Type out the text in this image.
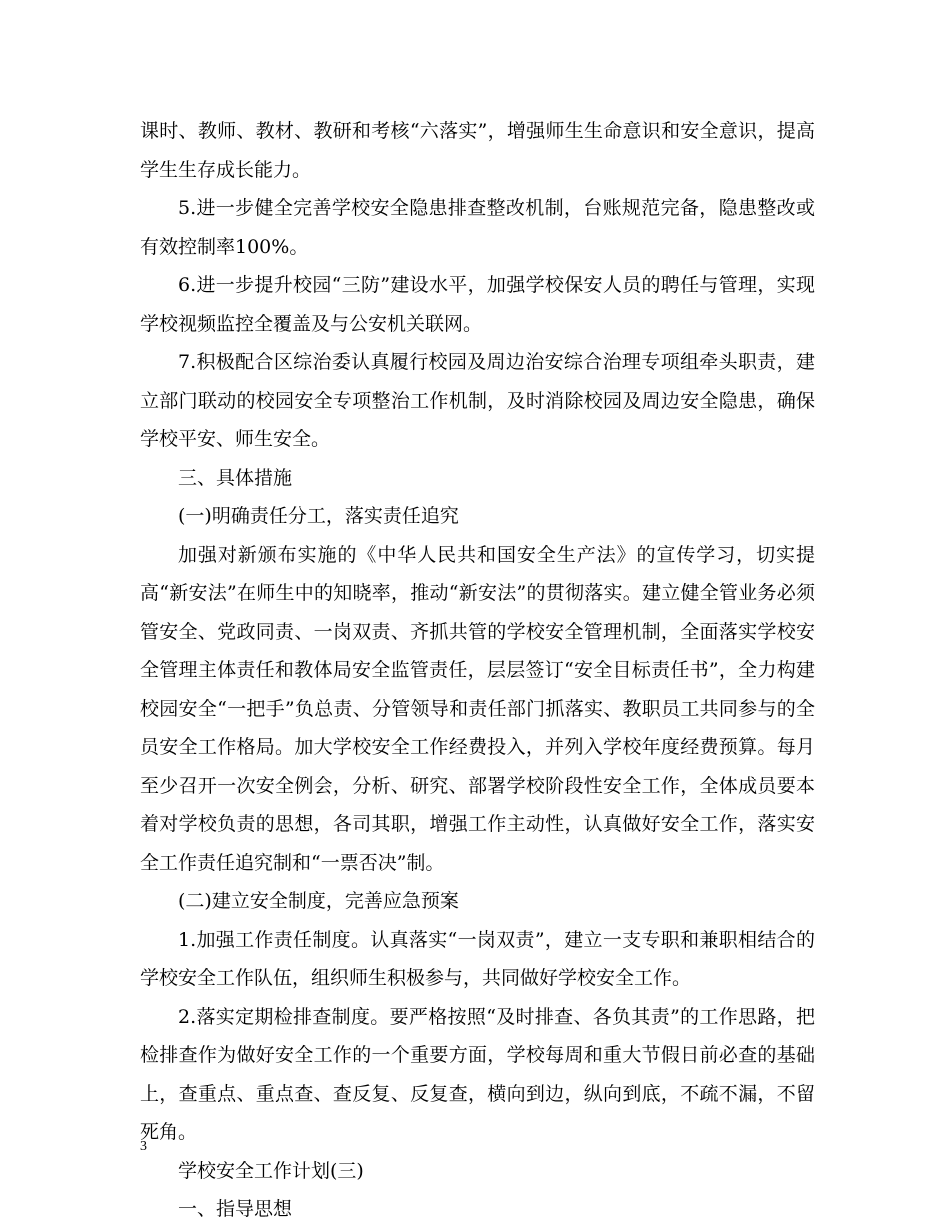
课时、教师、教材、教研和考核“六落实”，增强师生生命意识和安全意识，提高学生生存成长能力。

5.进一步健全完善学校安全隐患排查整改机制，台账规范完备，隐患整改或有效控制率100%。

6.进一步提升校园“三防”建设水平，加强学校保安人员的聘任与管理，实现学校视频监控全覆盖及与公安机关联网。

7.积极配合区综治委认真履行校园及周边治安综合治理专项组牵头职责，建立部门联动的校园安全专项整治工作机制，及时消除校园及周边安全隐患，确保学校平安、师生安全。

三、具体措施

(一)明确责任分工，落实责任追究

加强对新颁布实施的《中华人民共和国安全生产法》的宣传学习，切实提高“新安法”在师生中的知晓率，推动“新安法”的贯彻落实。建立健全管业务必须管安全、党政同责、一岗双责、齐抓共管的学校安全管理机制，全面落实学校安全管理主体责任和教体局安全监管责任，层层签订“安全目标责任书”，全力构建校园安全“一把手”负总责、分管领导和责任部门抓落实、教职员工共同参与的全员安全工作格局。加大学校安全工作经费投入，并列入学校年度经费预算。每月至少召开一次安全例会，分析、研究、部署学校阶段性安全工作，全体成员要本着对学校负责的思想，各司其职，增强工作主动性，认真做好安全工作，落实安全工作责任追究制和“一票否决”制。

(二)建立安全制度，完善应急预案

1.加强工作责任制度。认真落实“一岗双责”，建立一支专职和兼职相结合的学校安全工作队伍，组织师生积极参与，共同做好学校安全工作。

2.落实定期检排查制度。要严格按照“及时排查、各负其责”的工作思路，把检排查作为做好安全工作的一个重要方面，学校每周和重大节假日前必查的基础上，查重点、重点查、查反复、反复查，横向到边，纵向到底，不疏不漏，不留死角。

学校安全工作计划(三)

一、指导思想

3
